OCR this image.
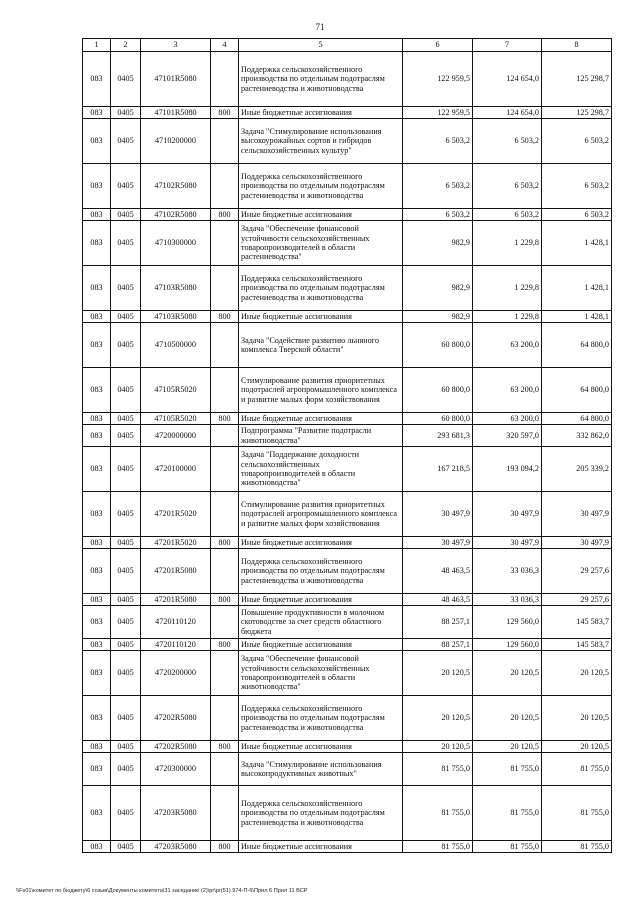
71
1	2	3	4	5	6	7	8
083	0405	47101R5080		Поддержка сельскохозяйственного производства по отдельным подотраслям растениеводства и животноводства	122 959,5	124 654,0	125 298,7
083	0405	47101R5080	800	Иные бюджетные ассигнования	122 959,5	124 654,0	125 298,7
083	0405	4710200000		Задача "Стимулирование использования высокоурожайных сортов и гибридов сельскохозяйственных культур"	6 503,2	6 503,2	6 503,2
083	0405	47102R5080		Поддержка сельскохозяйственного производства по отдельным подотраслям растениеводства и животноводства	6 503,2	6 503,2	6 503,2
083	0405	47102R5080	800	Иные бюджетные ассигнования	6 503,2	6 503,2	6 503,2
083	0405	4710300000		Задача "Обеспечение финансовой устойчивости сельскохозяйственных товаропроизводителей в области растениеводства"	982,9	1 229,8	1 428,1
083	0405	47103R5080		Поддержка сельскохозяйственного производства по отдельным подотраслям растениеводства и животноводства	982,9	1 229,8	1 428,1
083	0405	47103R5080	800	Иные бюджетные ассигнования	982,9	1 229,8	1 428,1
083	0405	4710500000		Задача "Содействие развитию льняного комплекса Тверской области"	60 800,0	63 200,0	64 800,0
083	0405	47105R5020		Стимулирование развития приоритетных подотраслей агропромышленного комплекса и развитие малых форм хозяйствования	60 800,0	63 200,0	64 800,0
083	0405	47105R5020	800	Иные бюджетные ассигнования	60 800,0	63 200,0	64 800,0
083	0405	4720000000		Подпрограмма "Развитие подотрасли животноводства"	293 681,3	320 597,0	332 862,0
083	0405	4720100000		Задача "Поддержание доходности сельскохозяйственных товаропроизводителей в области животноводства"	167 218,5	193 094,2	205 339,2
083	0405	47201R5020		Стимулирование развития приоритетных подотраслей агропромышленного комплекса и развитие малых форм хозяйствования	30 497,9	30 497,9	30 497,9
083	0405	47201R5020	800	Иные бюджетные ассигнования	30 497,9	30 497,9	30 497,9
083	0405	47201R5080		Поддержка сельскохозяйственного производства по отдельным подотраслям растениеводства и животноводства	48 463,5	33 036,3	29 257,6
083	0405	47201R5080	800	Иные бюджетные ассигнования	48 463,5	33 036,3	29 257,6
083	0405	4720110120		Повышение продуктивности в молочном скотоводстве за счет средств областного бюджета	88 257,1	129 560,0	145 583,7
083	0405	4720110120	800	Иные бюджетные ассигнования	88 257,1	129 560,0	145 583,7
083	0405	4720200000		Задача "Обеспечение финансовой устойчивости сельскохозяйственных товаропроизводителей в области животноводства"	20 120,5	20 120,5	20 120,5
083	0405	47202R5080		Поддержка сельскохозяйственного производства по отдельным подотраслям растениеводства и животноводства	20 120,5	20 120,5	20 120,5
083	0405	47202R5080	800	Иные бюджетные ассигнования	20 120,5	20 120,5	20 120,5
083	0405	4720300000		Задача "Стимулирование использования высокопродуктивных животных"	81 755,0	81 755,0	81 755,0
083	0405	47203R5080		Поддержка сельскохозяйственного производства по отдельным подотраслям растениеводства и животноводства	81 755,0	81 755,0	81 755,0
083	0405	47203R5080	800	Иные бюджетные ассигнования	81 755,0	81 755,0	81 755,0
\\Fs01\комитет по бюджету\6 созыв\Документы комитета\31 заседание (2)\pr\pr(51) 974-П-6\Прил 6 Прил 11 ВСР
